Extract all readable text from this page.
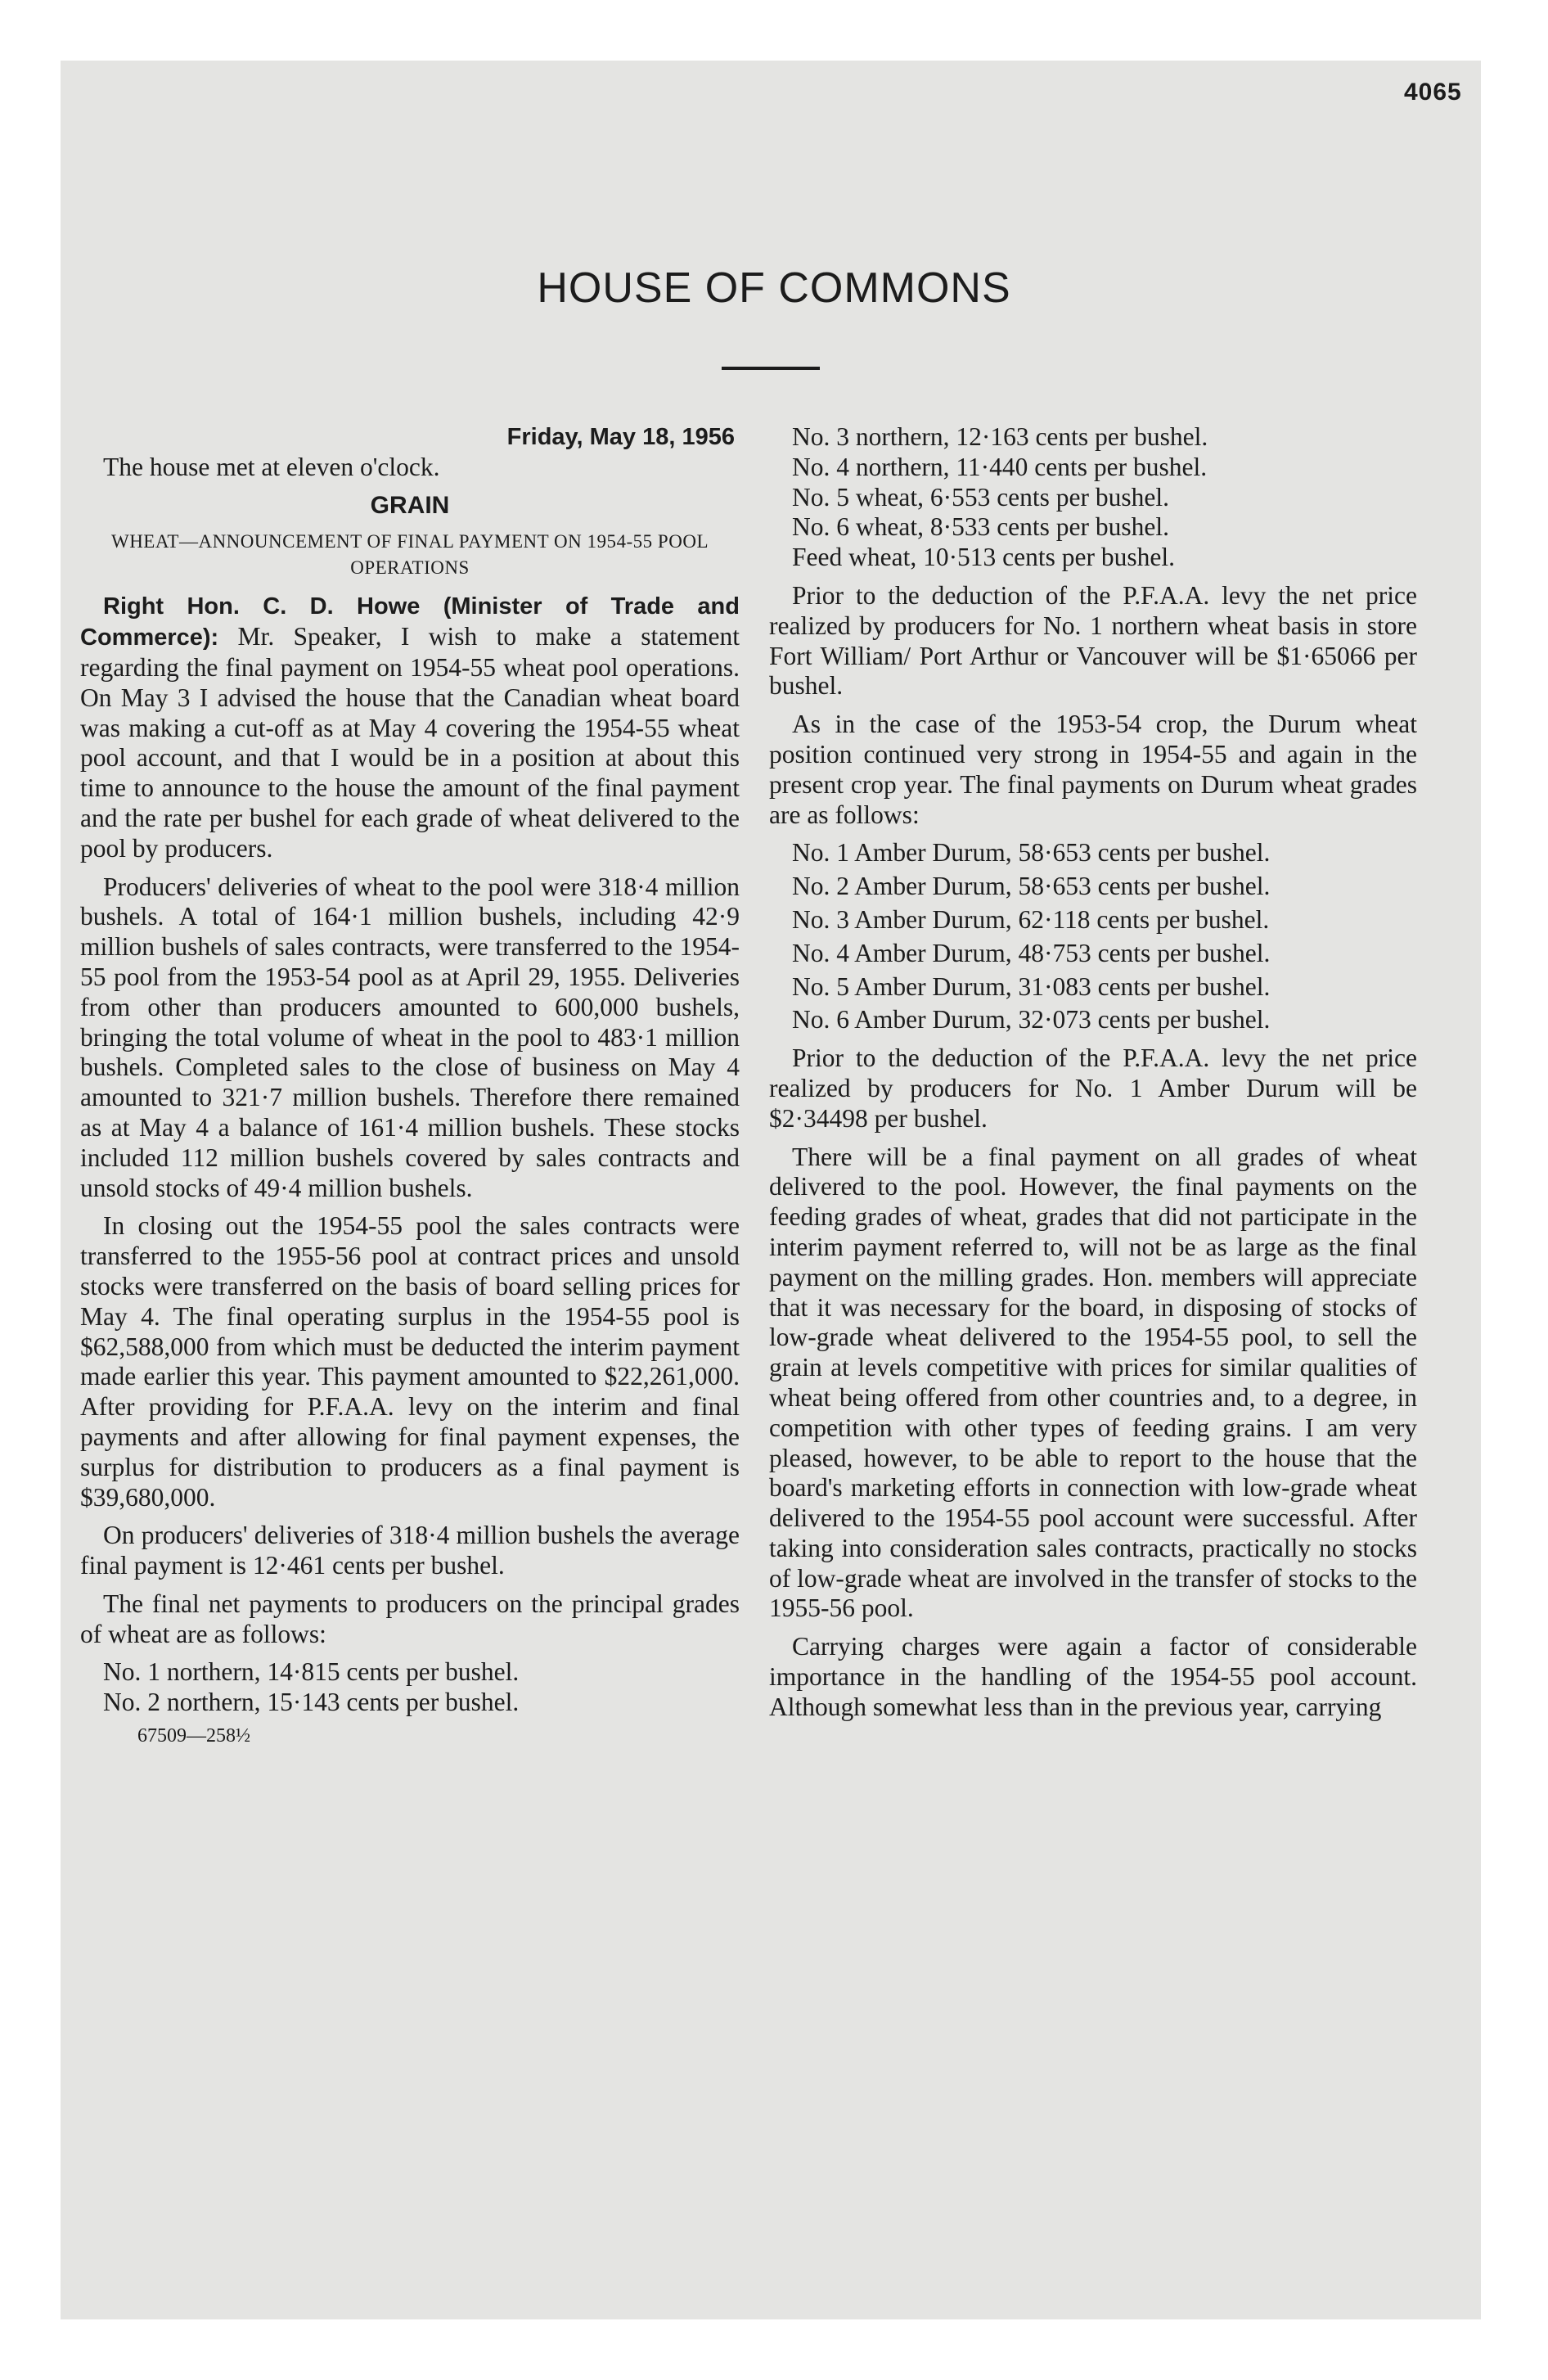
4065
HOUSE OF COMMONS
Friday, May 18, 1956

The house met at eleven o'clock.

GRAIN
WHEAT—ANNOUNCEMENT OF FINAL PAYMENT ON 1954-55 POOL OPERATIONS

Right Hon. C. D. Howe (Minister of Trade and Commerce): Mr. Speaker, I wish to make a statement regarding the final payment on 1954-55 wheat pool operations. On May 3 I advised the house that the Canadian wheat board was making a cut-off as at May 4 covering the 1954-55 wheat pool account, and that I would be in a position at about this time to announce to the house the amount of the final payment and the rate per bushel for each grade of wheat delivered to the pool by producers.

Producers' deliveries of wheat to the pool were 318·4 million bushels. A total of 164·1 million bushels, including 42·9 million bushels of sales contracts, were transferred to the 1954-55 pool from the 1953-54 pool as at April 29, 1955. Deliveries from other than producers amounted to 600,000 bushels, bringing the total volume of wheat in the pool to 483·1 million bushels. Completed sales to the close of business on May 4 amounted to 321·7 million bushels. Therefore there remained as at May 4 a balance of 161·4 million bushels. These stocks included 112 million bushels covered by sales contracts and unsold stocks of 49·4 million bushels.

In closing out the 1954-55 pool the sales contracts were transferred to the 1955-56 pool at contract prices and unsold stocks were transferred on the basis of board selling prices for May 4. The final operating surplus in the 1954-55 pool is $62,588,000 from which must be deducted the interim payment made earlier this year. This payment amounted to $22,261,000. After providing for P.F.A.A. levy on the interim and final payments and after allowing for final payment expenses, the surplus for distribution to producers as a final payment is $39,680,000.

On producers' deliveries of 318·4 million bushels the average final payment is 12·461 cents per bushel.

The final net payments to producers on the principal grades of wheat are as follows:

No. 1 northern, 14·815 cents per bushel.
No. 2 northern, 15·143 cents per bushel.
67509—258½
No. 3 northern, 12·163 cents per bushel.
No. 4 northern, 11·440 cents per bushel.
No. 5 wheat, 6·553 cents per bushel.
No. 6 wheat, 8·533 cents per bushel.
Feed wheat, 10·513 cents per bushel.

Prior to the deduction of the P.F.A.A. levy the net price realized by producers for No. 1 northern wheat basis in store Fort William/ Port Arthur or Vancouver will be $1·65066 per bushel.

As in the case of the 1953-54 crop, the Durum wheat position continued very strong in 1954-55 and again in the present crop year. The final payments on Durum wheat grades are as follows:

No. 1 Amber Durum, 58·653 cents per bushel.

No. 2 Amber Durum, 58·653 cents per bushel.

No. 3 Amber Durum, 62·118 cents per bushel.

No. 4 Amber Durum, 48·753 cents per bushel.

No. 5 Amber Durum, 31·083 cents per bushel.

No. 6 Amber Durum, 32·073 cents per bushel.

Prior to the deduction of the P.F.A.A. levy the net price realized by producers for No. 1 Amber Durum will be $2·34498 per bushel.

There will be a final payment on all grades of wheat delivered to the pool. However, the final payments on the feeding grades of wheat, grades that did not participate in the interim payment referred to, will not be as large as the final payment on the milling grades. Hon. members will appreciate that it was necessary for the board, in disposing of stocks of low-grade wheat delivered to the 1954-55 pool, to sell the grain at levels competitive with prices for similar qualities of wheat being offered from other countries and, to a degree, in competition with other types of feeding grains. I am very pleased, however, to be able to report to the house that the board's marketing efforts in connection with low-grade wheat delivered to the 1954-55 pool account were successful. After taking into consideration sales contracts, practically no stocks of low-grade wheat are involved in the transfer of stocks to the 1955-56 pool.

Carrying charges were again a factor of considerable importance in the handling of the 1954-55 pool account. Although somewhat less than in the previous year, carrying
